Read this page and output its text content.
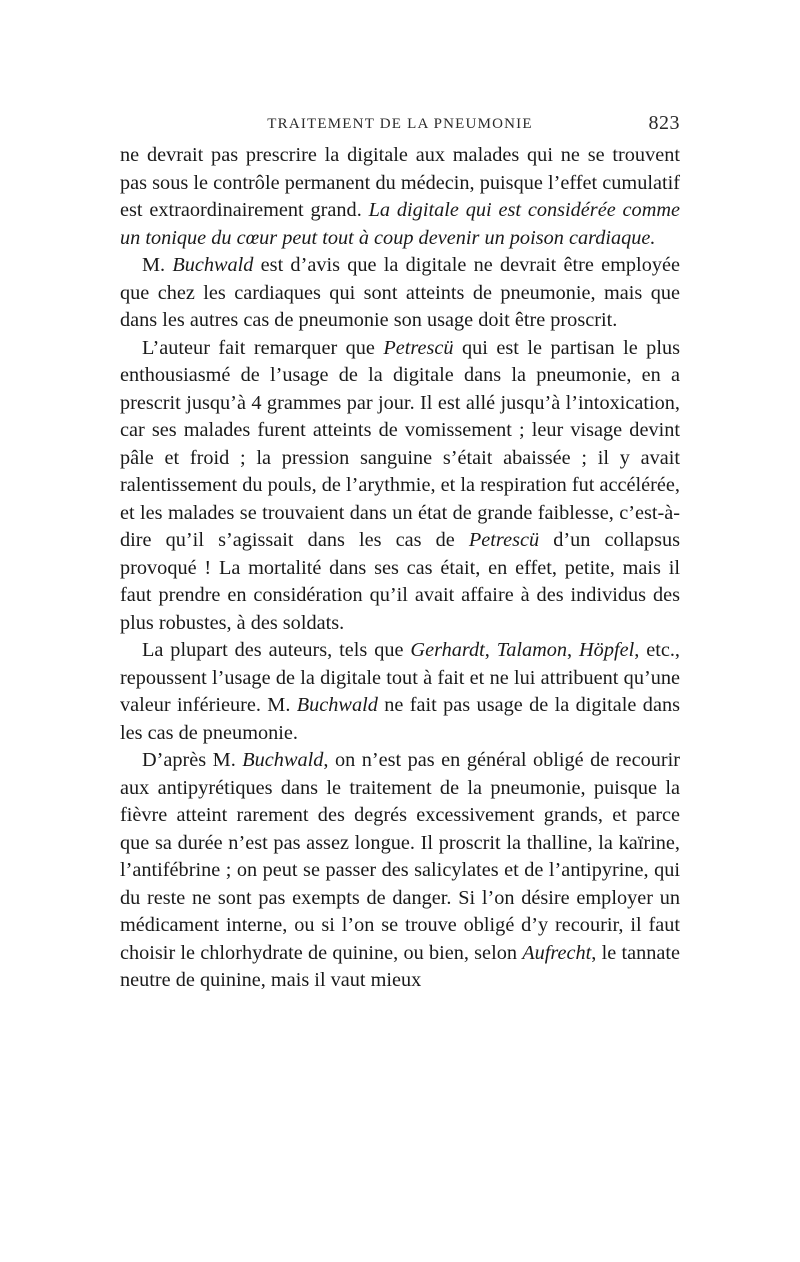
TRAITEMENT DE LA PNEUMONIE	823

ne devrait pas prescrire la digitale aux malades qui ne se trouvent pas sous le contrôle permanent du médecin, puisque l’effet cumulatif est extraordinairement grand. La digitale qui est considérée comme un tonique du cœur peut tout à coup devenir un poison cardiaque.

M. Buchwald est d’avis que la digitale ne devrait être employée que chez les cardiaques qui sont atteints de pneumonie, mais que dans les autres cas de pneumonie son usage doit être proscrit.

L’auteur fait remarquer que Petrescü qui est le partisan le plus enthousiasmé de l’usage de la digitale dans la pneumonie, en a prescrit jusqu’à 4 grammes par jour. Il est allé jusqu’à l’intoxication, car ses malades furent atteints de vomissement ; leur visage devint pâle et froid ; la pression sanguine s’était abaissée ; il y avait ralentissement du pouls, de l’arythmie, et la respiration fut accélérée, et les malades se trouvaient dans un état de grande faiblesse, c’est-à-dire qu’il s’agissait dans les cas de Petrescü d’un collapsus provoqué ! La mortalité dans ses cas était, en effet, petite, mais il faut prendre en considération qu’il avait affaire à des individus des plus robustes, à des soldats.

La plupart des auteurs, tels que Gerhardt, Talamon, Höpfel, etc., repoussent l’usage de la digitale tout à fait et ne lui attribuent qu’une valeur inférieure. M. Buchwald ne fait pas usage de la digitale dans les cas de pneumonie.

D’après M. Buchwald, on n’est pas en général obligé de recourir aux antipyrétiques dans le traitement de la pneumonie, puisque la fièvre atteint rarement des degrés excessivement grands, et parce que sa durée n’est pas assez longue. Il proscrit la thalline, la kaïrine, l’antifébrine ; on peut se passer des salicylates et de l’antipyrine, qui du reste ne sont pas exempts de danger. Si l’on désire employer un médicament interne, ou si l’on se trouve obligé d’y recourir, il faut choisir le chlorhydrate de quinine, ou bien, selon Aufrecht, le tannate neutre de quinine, mais il vaut mieux
